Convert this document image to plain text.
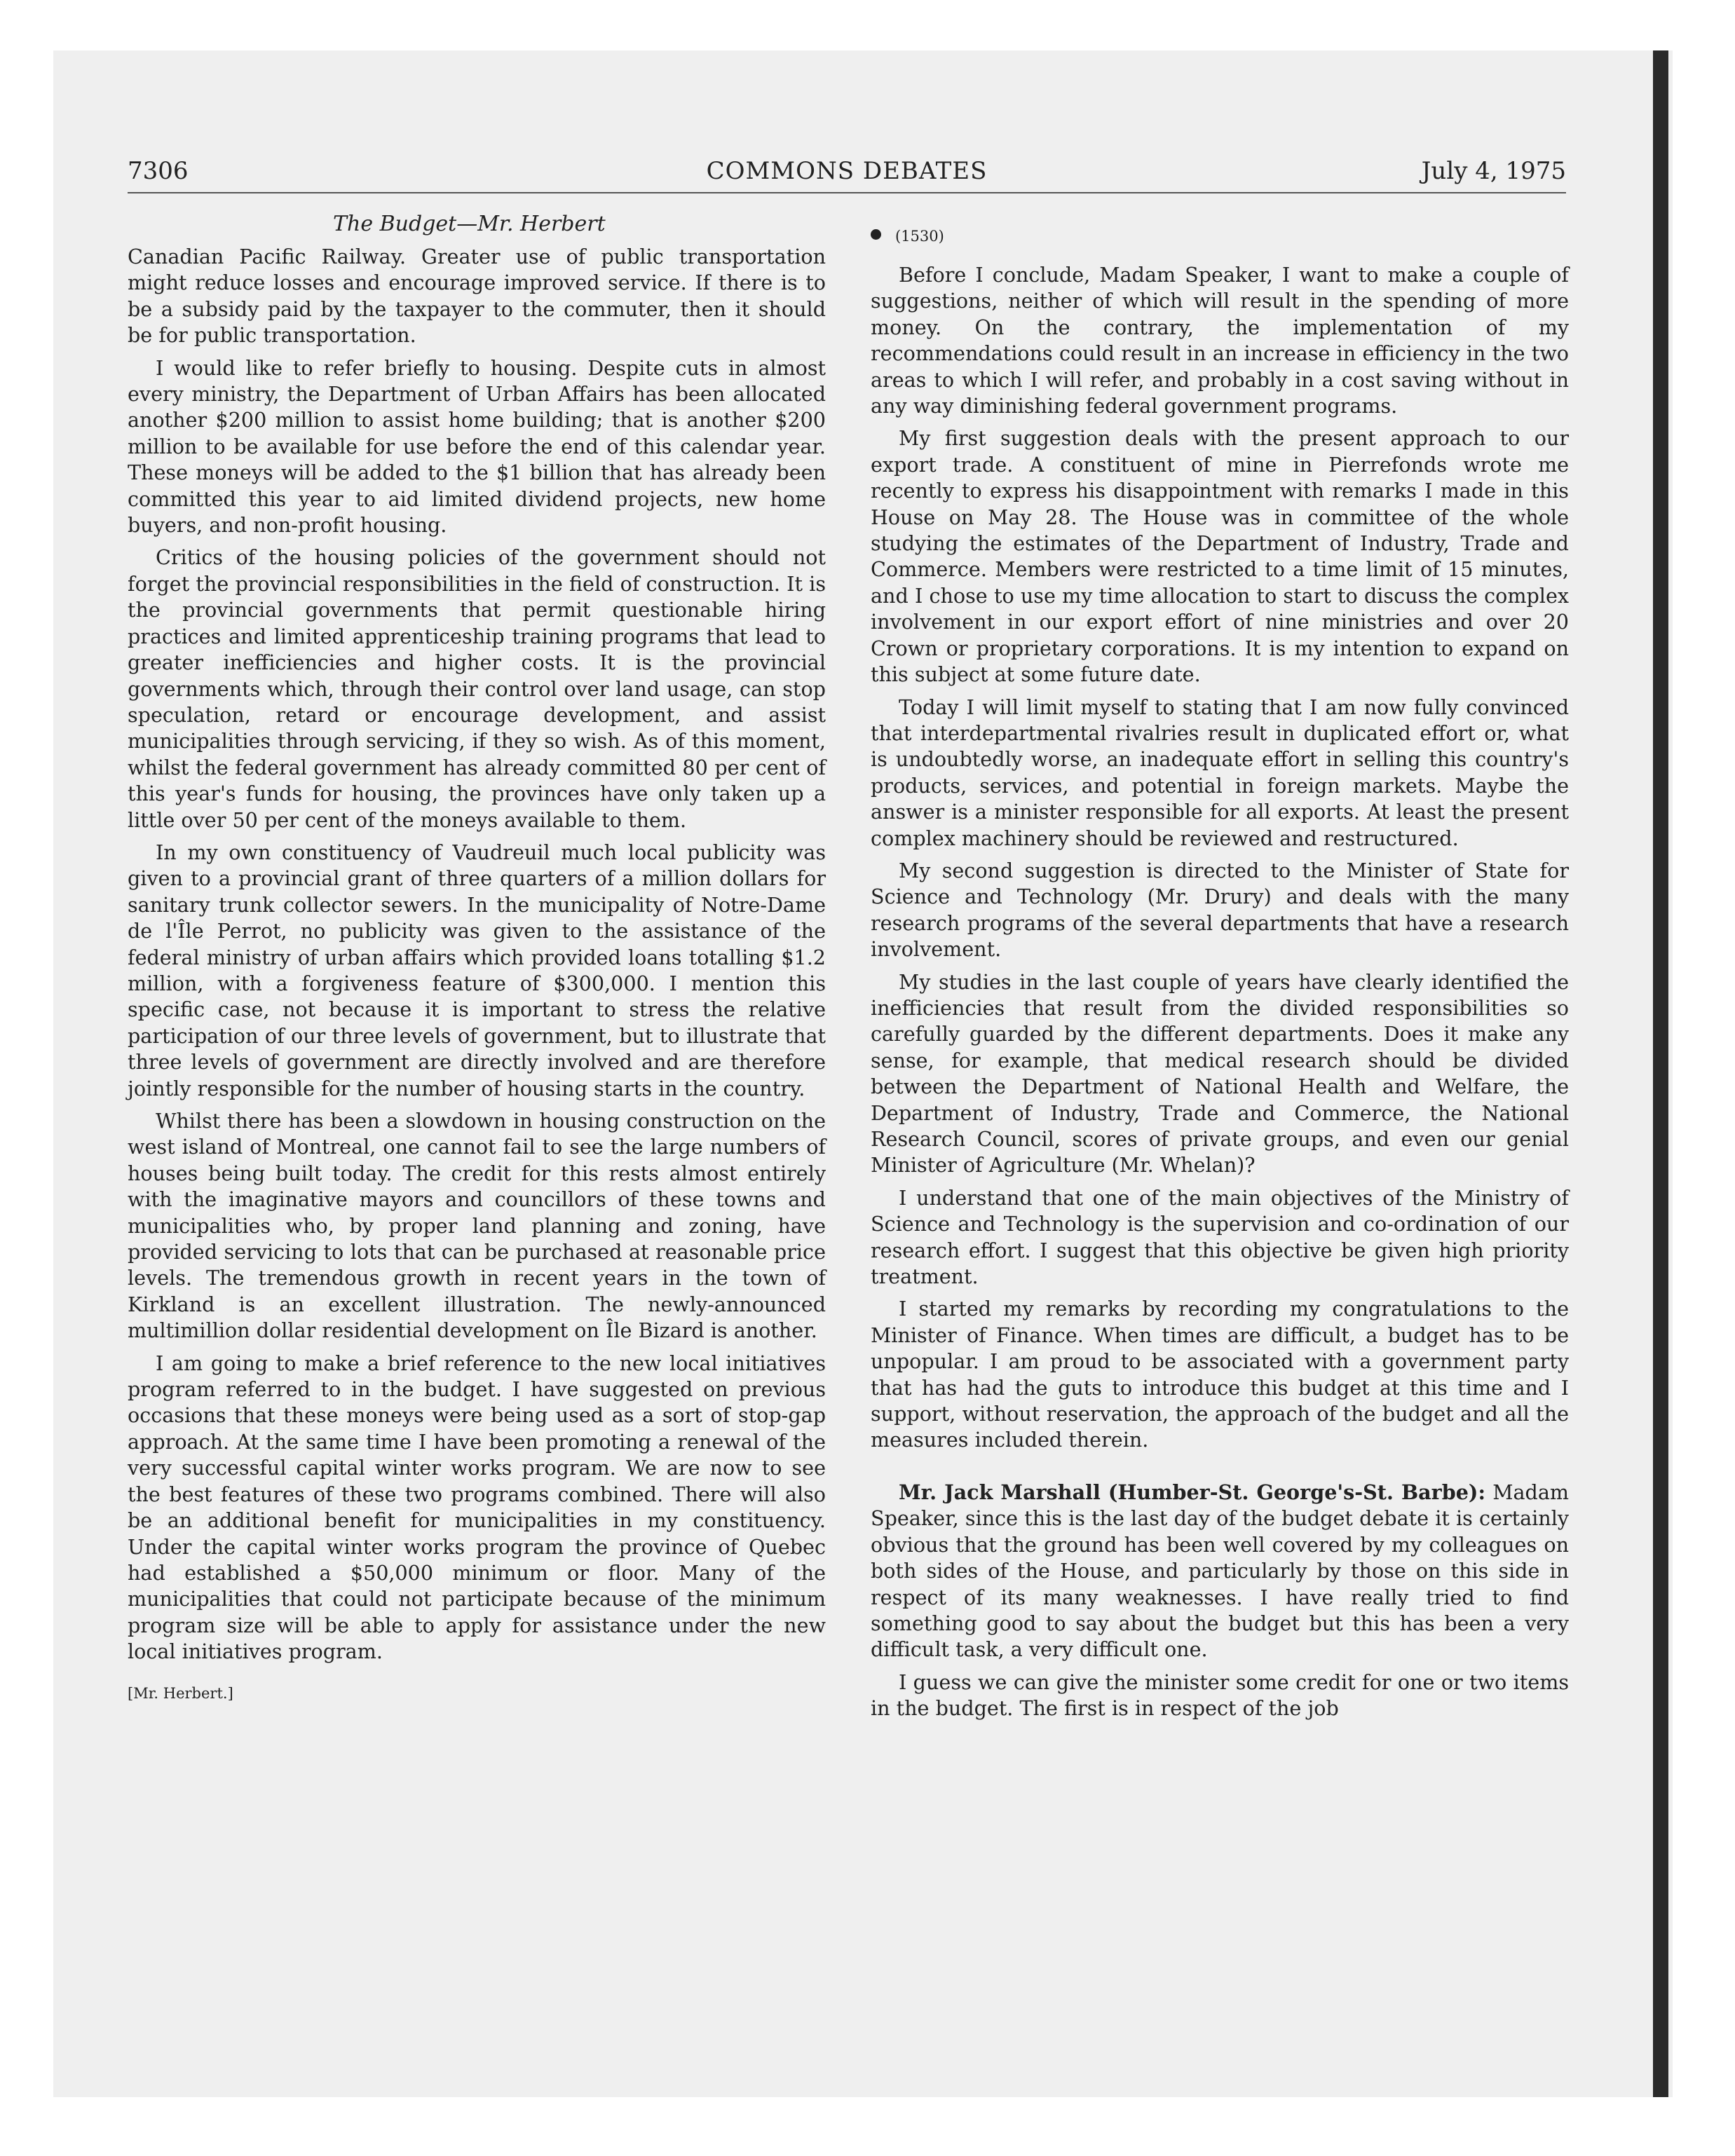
7306	COMMONS DEBATES	July 4, 1975
The Budget—Mr. Herbert

Canadian Pacific Railway. Greater use of public transportation might reduce losses and encourage improved service. If there is to be a subsidy paid by the taxpayer to the commuter, then it should be for public transportation.

I would like to refer briefly to housing. Despite cuts in almost every ministry, the Department of Urban Affairs has been allocated another $200 million to assist home building; that is another $200 million to be available for use before the end of this calendar year. These moneys will be added to the $1 billion that has already been committed this year to aid limited dividend projects, new home buyers, and non-profit housing.

Critics of the housing policies of the government should not forget the provincial responsibilities in the field of construction. It is the provincial governments that permit questionable hiring practices and limited apprenticeship training programs that lead to greater inefficiencies and higher costs. It is the provincial governments which, through their control over land usage, can stop speculation, retard or encourage development, and assist municipalities through servicing, if they so wish. As of this moment, whilst the federal government has already committed 80 per cent of this year's funds for housing, the provinces have only taken up a little over 50 per cent of the moneys available to them.

In my own constituency of Vaudreuil much local publicity was given to a provincial grant of three quarters of a million dollars for sanitary trunk collector sewers. In the municipality of Notre-Dame de l'Île Perrot, no publicity was given to the assistance of the federal ministry of urban affairs which provided loans totalling $1.2 million, with a forgiveness feature of $300,000. I mention this specific case, not because it is important to stress the relative participation of our three levels of government, but to illustrate that three levels of government are directly involved and are therefore jointly responsible for the number of housing starts in the country.

Whilst there has been a slowdown in housing construction on the west island of Montreal, one cannot fail to see the large numbers of houses being built today. The credit for this rests almost entirely with the imaginative mayors and councillors of these towns and municipalities who, by proper land planning and zoning, have provided servicing to lots that can be purchased at reasonable price levels. The tremendous growth in recent years in the town of Kirkland is an excellent illustration. The newly-announced multimillion dollar residential development on Île Bizard is another.

I am going to make a brief reference to the new local initiatives program referred to in the budget. I have suggested on previous occasions that these moneys were being used as a sort of stop-gap approach. At the same time I have been promoting a renewal of the very successful capital winter works program. We are now to see the best features of these two programs combined. There will also be an additional benefit for municipalities in my constituency. Under the capital winter works program the province of Quebec had established a $50,000 minimum or floor. Many of the municipalities that could not participate because of the minimum program size will be able to apply for assistance under the new local initiatives program.

[Mr. Herbert.]
(1530)

Before I conclude, Madam Speaker, I want to make a couple of suggestions, neither of which will result in the spending of more money. On the contrary, the implementation of my recommendations could result in an increase in efficiency in the two areas to which I will refer, and probably in a cost saving without in any way diminishing federal government programs.

My first suggestion deals with the present approach to our export trade. A constituent of mine in Pierrefonds wrote me recently to express his disappointment with remarks I made in this House on May 28. The House was in committee of the whole studying the estimates of the Department of Industry, Trade and Commerce. Members were restricted to a time limit of 15 minutes, and I chose to use my time allocation to start to discuss the complex involvement in our export effort of nine ministries and over 20 Crown or proprietary corporations. It is my intention to expand on this subject at some future date.

Today I will limit myself to stating that I am now fully convinced that interdepartmental rivalries result in duplicated effort or, what is undoubtedly worse, an inadequate effort in selling this country's products, services, and potential in foreign markets. Maybe the answer is a minister responsible for all exports. At least the present complex machinery should be reviewed and restructured.

My second suggestion is directed to the Minister of State for Science and Technology (Mr. Drury) and deals with the many research programs of the several departments that have a research involvement.

My studies in the last couple of years have clearly identified the inefficiencies that result from the divided responsibilities so carefully guarded by the different departments. Does it make any sense, for example, that medical research should be divided between the Department of National Health and Welfare, the Department of Industry, Trade and Commerce, the National Research Council, scores of private groups, and even our genial Minister of Agriculture (Mr. Whelan)?

I understand that one of the main objectives of the Ministry of Science and Technology is the supervision and co-ordination of our research effort. I suggest that this objective be given high priority treatment.

I started my remarks by recording my congratulations to the Minister of Finance. When times are difficult, a budget has to be unpopular. I am proud to be associated with a government party that has had the guts to introduce this budget at this time and I support, without reservation, the approach of the budget and all the measures included therein.

Mr. Jack Marshall (Humber-St. George's-St. Barbe): Madam Speaker, since this is the last day of the budget debate it is certainly obvious that the ground has been well covered by my colleagues on both sides of the House, and particularly by those on this side in respect of its many weaknesses. I have really tried to find something good to say about the budget but this has been a very difficult task, a very difficult one.

I guess we can give the minister some credit for one or two items in the budget. The first is in respect of the job
